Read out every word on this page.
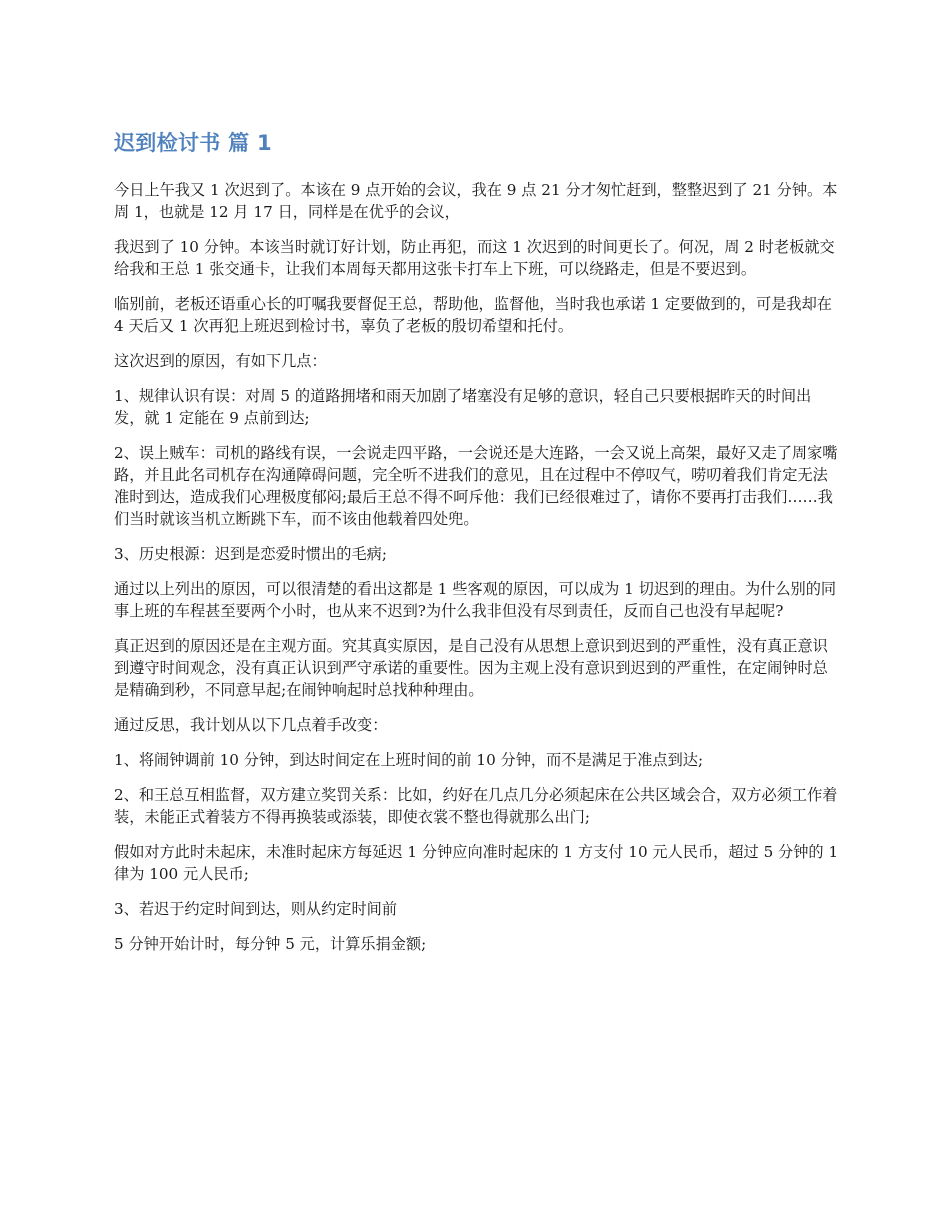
迟到检讨书 篇 1

今日上午我又 1 次迟到了。本该在 9 点开始的会议，我在 9 点 21 分才匆忙赶到，整整迟到了 21 分钟。本周 1，也就是 12 月 17 日，同样是在优乎的会议，

我迟到了 10 分钟。本该当时就订好计划，防止再犯，而这 1 次迟到的时间更长了。何况，周 2 时老板就交给我和王总 1 张交通卡，让我们本周每天都用这张卡打车上下班，可以绕路走，但是不要迟到。

临别前，老板还语重心长的叮嘱我要督促王总，帮助他，监督他，当时我也承诺 1 定要做到的，可是我却在 4 天后又 1 次再犯上班迟到检讨书，辜负了老板的殷切希望和托付。

这次迟到的原因，有如下几点：

1、规律认识有误：对周 5 的道路拥堵和雨天加剧了堵塞没有足够的意识，轻自己只要根据昨天的时间出发，就 1 定能在 9 点前到达;

2、误上贼车：司机的路线有误，一会说走四平路，一会说还是大连路，一会又说上高架，最好又走了周家嘴路，并且此名司机存在沟通障碍问题，完全听不进我们的意见，且在过程中不停叹气，唠叨着我们肯定无法准时到达，造成我们心理极度郁闷;最后王总不得不呵斥他：我们已经很难过了，请你不要再打击我们……我们当时就该当机立断跳下车，而不该由他载着四处兜。

3、历史根源：迟到是恋爱时惯出的毛病;

通过以上列出的原因，可以很清楚的看出这都是 1 些客观的原因，可以成为 1 切迟到的理由。为什么别的同事上班的车程甚至要两个小时，也从来不迟到?为什么我非但没有尽到责任，反而自己也没有早起呢?

真正迟到的原因还是在主观方面。究其真实原因，是自己没有从思想上意识到迟到的严重性，没有真正意识到遵守时间观念，没有真正认识到严守承诺的重要性。因为主观上没有意识到迟到的严重性，在定闹钟时总是精确到秒，不同意早起;在闹钟响起时总找种种理由。

通过反思，我计划从以下几点着手改变：

1、将闹钟调前 10 分钟，到达时间定在上班时间的前 10 分钟，而不是满足于准点到达;

2、和王总互相监督，双方建立奖罚关系：比如，约好在几点几分必须起床在公共区域会合，双方必须工作着装，未能正式着装方不得再换装或添装，即使衣裳不整也得就那么出门;

假如对方此时未起床，未准时起床方每延迟 1 分钟应向准时起床的 1 方支付 10 元人民币，超过 5 分钟的 1 律为 100 元人民币;

3、若迟于约定时间到达，则从约定时间前

5 分钟开始计时，每分钟 5 元，计算乐捐金额;
